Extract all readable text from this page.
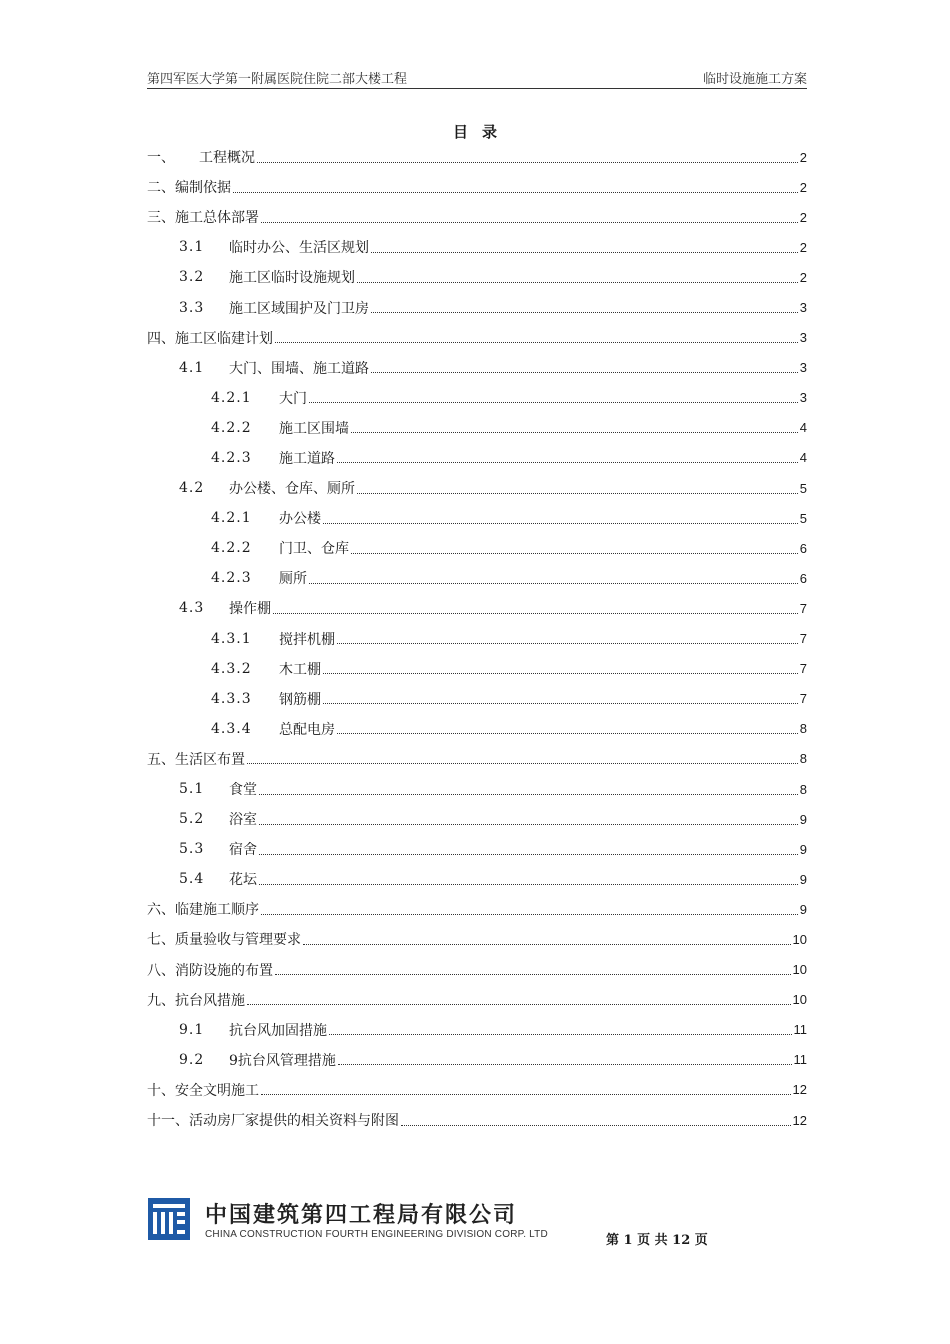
第四军医大学第一附属医院住院二部大楼工程	临时设施施工方案
目录
一、	工程概况	2
二、 编制依据	2
三、 施工总体部署	2
3.1	临时办公、生活区规划	2
3.2	施工区临时设施规划	2
3.3	施工区域围护及门卫房	3
四、 施工区临建计划	3
4.1	大门、围墙、施工道路	3
4.2.1	大门	3
4.2.2	施工区围墙	4
4.2.3	施工道路	4
4.2	办公楼、仓库、厕所	5
4.2.1	办公楼	5
4.2.2	门卫、仓库	6
4.2.3	厕所	6
4.3	操作棚	7
4.3.1	搅拌机棚	7
4.3.2	木工棚	7
4.3.3	钢筋棚	7
4.3.4	总配电房	8
五、 生活区布置	8
5.1	食堂	8
5.2	浴室	9
5.3	宿舍	9
5.4	花坛	9
六、 临建施工顺序	9
七、 质量验收与管理要求	10
八、 消防设施的布置	10
九、 抗台风措施	10
9.1	抗台风加固措施	11
9.2	9抗台风管理措施	11
十、 安全文明施工	12
十一、 活动房厂家提供的相关资料与附图	12
中国建筑第四工程局有限公司
CHINA CONSTRUCTION FOURTH ENGINEERING DIVISION CORP. LTD	第 1 页 共 12 页
